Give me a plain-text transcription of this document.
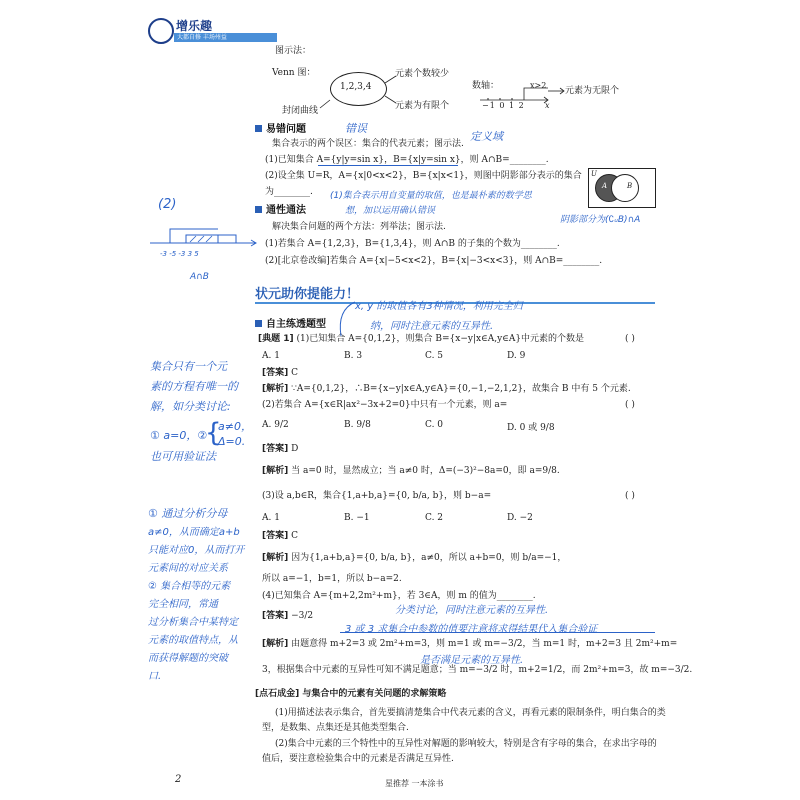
增乐趣
大都自修 丰场州益
图示法：
Venn 图：
1,2,3,4
元素个数较少
封闭曲线	元素为有限个
数轴：	x>2
−1 0 1 2	x
元素为无限个
易错问题
集合表示的两个误区：集合的代表元素；图示法.
(1)已知集合 A={y|y=sin x}，B={x|y=sin x}，则 A∩B=________.
(2)设全集 U=R，A={x|0<x<2}，B={x|x<1}，则图中阴影部分表示的集合
为________.
U
A	B
通性通法
解决集合问题的两个方法：列举法；图示法.
(1)若集合 A={1,2,3}，B={1,3,4}，则 A∩B 的子集的个数为________.
(2)[北京卷改编]若集合 A={x|−5<x<2}，B={x|−3<x<3}，则 A∩B=________.
状元助你提能力！
自主练透题型
[典题 1] (1)已知集合 A={0,1,2}，则集合 B={x−y|x∈A,y∈A}中元素的个数是	( )
A. 1	B. 3	C. 5	D. 9
[答案] C
[解析] ∵A={0,1,2}，∴B={x−y|x∈A,y∈A}={0,−1,−2,1,2}，故集合 B 中有 5 个元素.
(2)若集合 A={x∈R|ax²−3x+2=0}中只有一个元素，则 a=	( )
A. 9/2	B. 9/8	C. 0	D. 0 或 9/8
[答案] D
[解析] 当 a=0 时，显然成立；当 a≠0 时，Δ=(−3)²−8a=0，即 a=9/8.
(3)设 a,b∈R，集合{1,a+b,a}={0, b/a, b}，则 b−a=	( )
A. 1	B. −1	C. 2	D. −2
[答案] C
[解析] 因为{1,a+b,a}={0, b/a, b}，a≠0，所以 a+b=0，则 b/a=−1，
所以 a=−1，b=1，所以 b−a=2.
(4)已知集合 A={m+2,2m²+m}，若 3∈A，则 m 的值为________.
[答案] −3/2
[解析] 由题意得 m+2=3 或 2m²+m=3，则 m=1 或 m=−3/2，当 m=1 时，m+2=3 且 2m²+m=
3，根据集合中元素的互异性可知不满足题意；当 m=−3/2 时，m+2=1/2，而 2m²+m=3，故 m=−3/2.
[点石成金] 与集合中的元素有关问题的求解策略
(1)用描述法表示集合，首先要搞清楚集合中代表元素的含义，再看元素的限制条件，明白集合的类
型，是数集、点集还是其他类型集合.
(2)集合中元素的三个特性中的互异性对解题的影响较大，特别是含有字母的集合，在求出字母的
值后，要注意检验集合中的元素是否满足互异性.
2	星推荐 一本涂书
错误
定义域
(1)集合表示用自变量的取值，也是最朴素的数学思
想，加以运用确认错误
阴影部分为(∁ᵤB)∩A
(2)
-3 -5 -3 3 5
A∩B
x, y 的取值各有3种情况，利用完全归
纳，同时注意元素的互异性.
集合只有一个元
素的方程有唯一的
解，如分类讨论:
① a=0，②
{
a≠0，
Δ=0.
也可用验证法
① 通过分析分母
a≠0，从而确定a+b
只能对应0，从而打开
元素间的对应关系
② 集合相等的元素
完全相同，常通
过分析集合中某特定
元素的取值特点，从
而获得解题的突破
口.
分类讨论，同时注意元素的互异性.
3 或 3 求集合中参数的值要注意将求得结果代入集合验证
是否满足元素的互异性.
